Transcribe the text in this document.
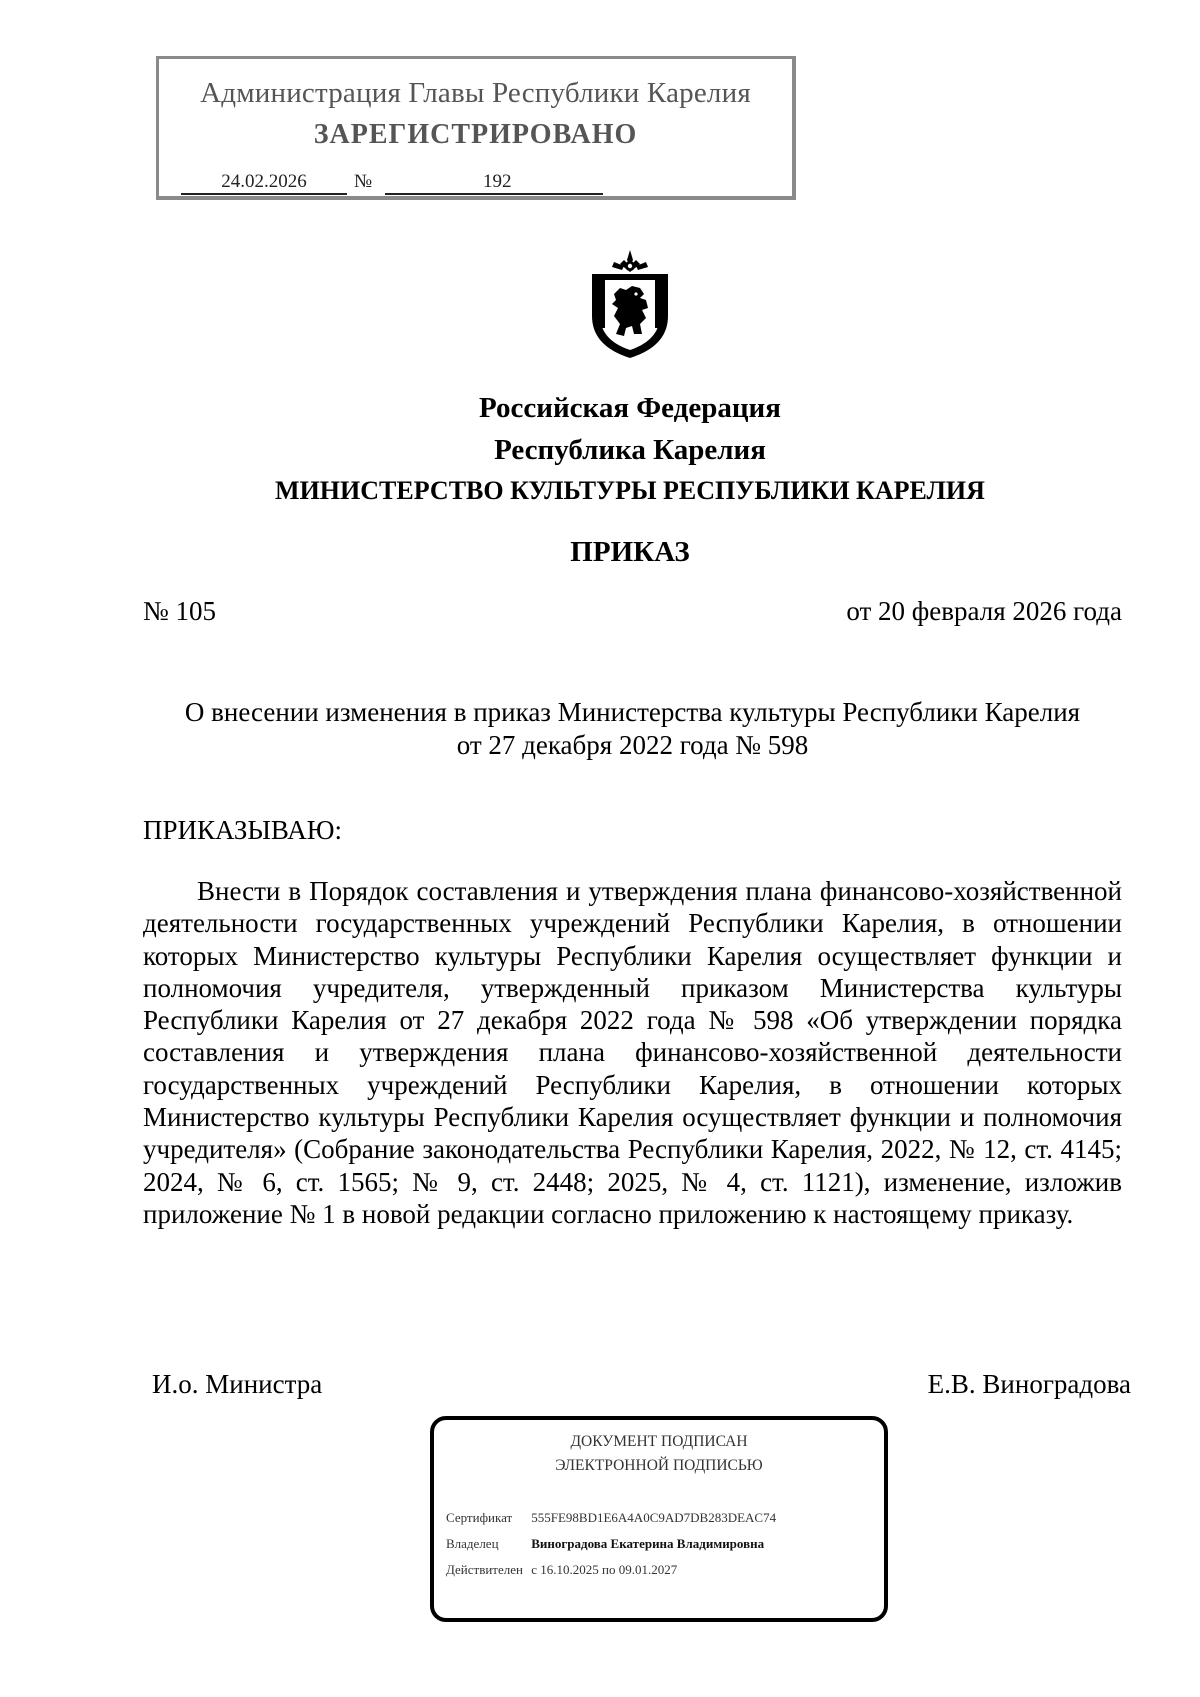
Администрация Главы Республики Карелия
ЗАРЕГИСТРИРОВАНО
24.02.2026	№	192
Российская Федерация
Республика Карелия
МИНИСТЕРСТВО КУЛЬТУРЫ РЕСПУБЛИКИ КАРЕЛИЯ
ПРИКАЗ
№ 105	от 20 февраля 2026 года
О внесении изменения в приказ Министерства культуры Республики Карелия
от 27 декабря 2022 года № 598
ПРИКАЗЫВАЮ:

Внести в Порядок составления и утверждения плана финансово-хозяйственной деятельности государственных учреждений Республики Карелия, в отношении которых Министерство культуры Республики Карелия осуществляет функции и полномочия учредителя, утвержденный приказом Министерства культуры Республики Карелия от 27 декабря 2022 года № 598 «Об утверждении порядка составления и утверждения плана финансово-хозяйственной деятельности государственных учреждений Республики Карелия, в отношении которых Министерство культуры Республики Карелия осуществляет функции и полномочия учредителя» (Собрание законодательства Республики Карелия, 2022, № 12, ст. 4145; 2024, № 6, ст. 1565; № 9, ст. 2448; 2025, № 4, ст. 1121), изменение, изложив приложение № 1 в новой редакции согласно приложению к настоящему приказу.

И.о. Министра	Е.В. Виноградова
ДОКУМЕНТ ПОДПИСАН
ЭЛЕКТРОННОЙ ПОДПИСЬЮ
Сертификат 555FE98BD1E6A4A0C9AD7DB283DEAC74
Владелец	Виноградова Екатерина Владимировна
Действителен с 16.10.2025 по 09.01.2027
